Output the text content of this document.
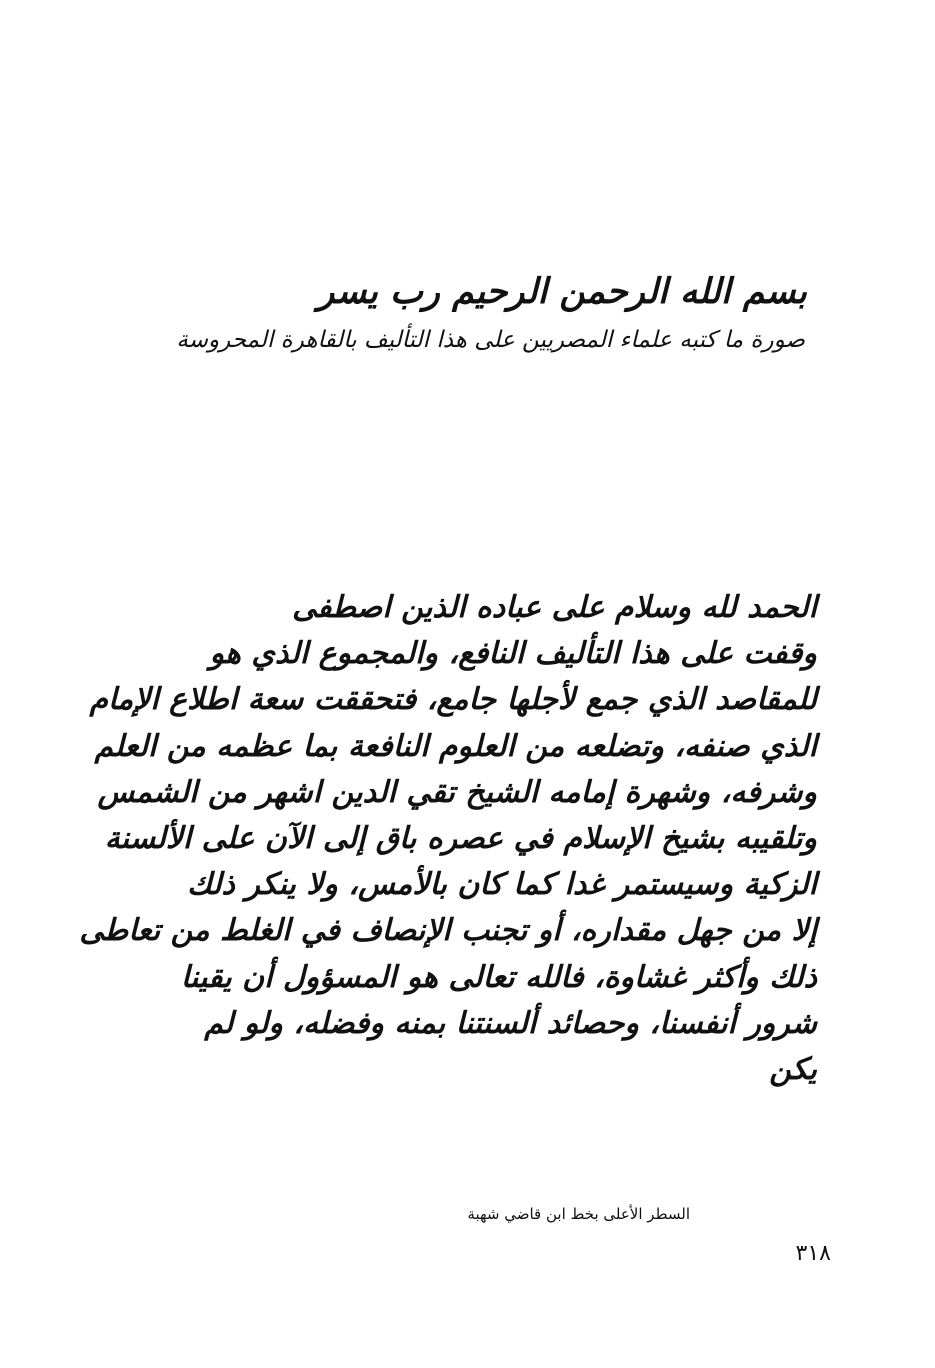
بسم الله الرحمن الرحيم رب يسر
صورة ما كتبه علماء المصريين على هذا التأليف بالقاهرة المحروسة
الحمد لله وسلام على عباده الذين اصطفى
وقفت على هذا التأليف النافع، والمجموع الذي هو
للمقاصد الذي جمع لأجلها جامع، فتحققت سعة اطلاع الإمام
الذي صنفه، وتضلعه من العلوم النافعة بما عظمه من العلم
وشرفه، وشهرة إمامه الشيخ تقي الدين اشهر من الشمس
وتلقيبه بشيخ الإسلام في عصره باق إلى الآن على الألسنة
الزكية وسيستمر غدا كما كان بالأمس، ولا ينكر ذلك
إلا من جهل مقداره، أو تجنب الإنصاف في الغلط من تعاطى
ذلك وأكثر غشاوة، فالله تعالى هو المسؤول أن يقينا
شرور أنفسنا، وحصائد ألسنتنا بمنه وفضله، ولو لم
يكن
السطر الأعلى بخط ابن قاضي شهبة
٣١٨
